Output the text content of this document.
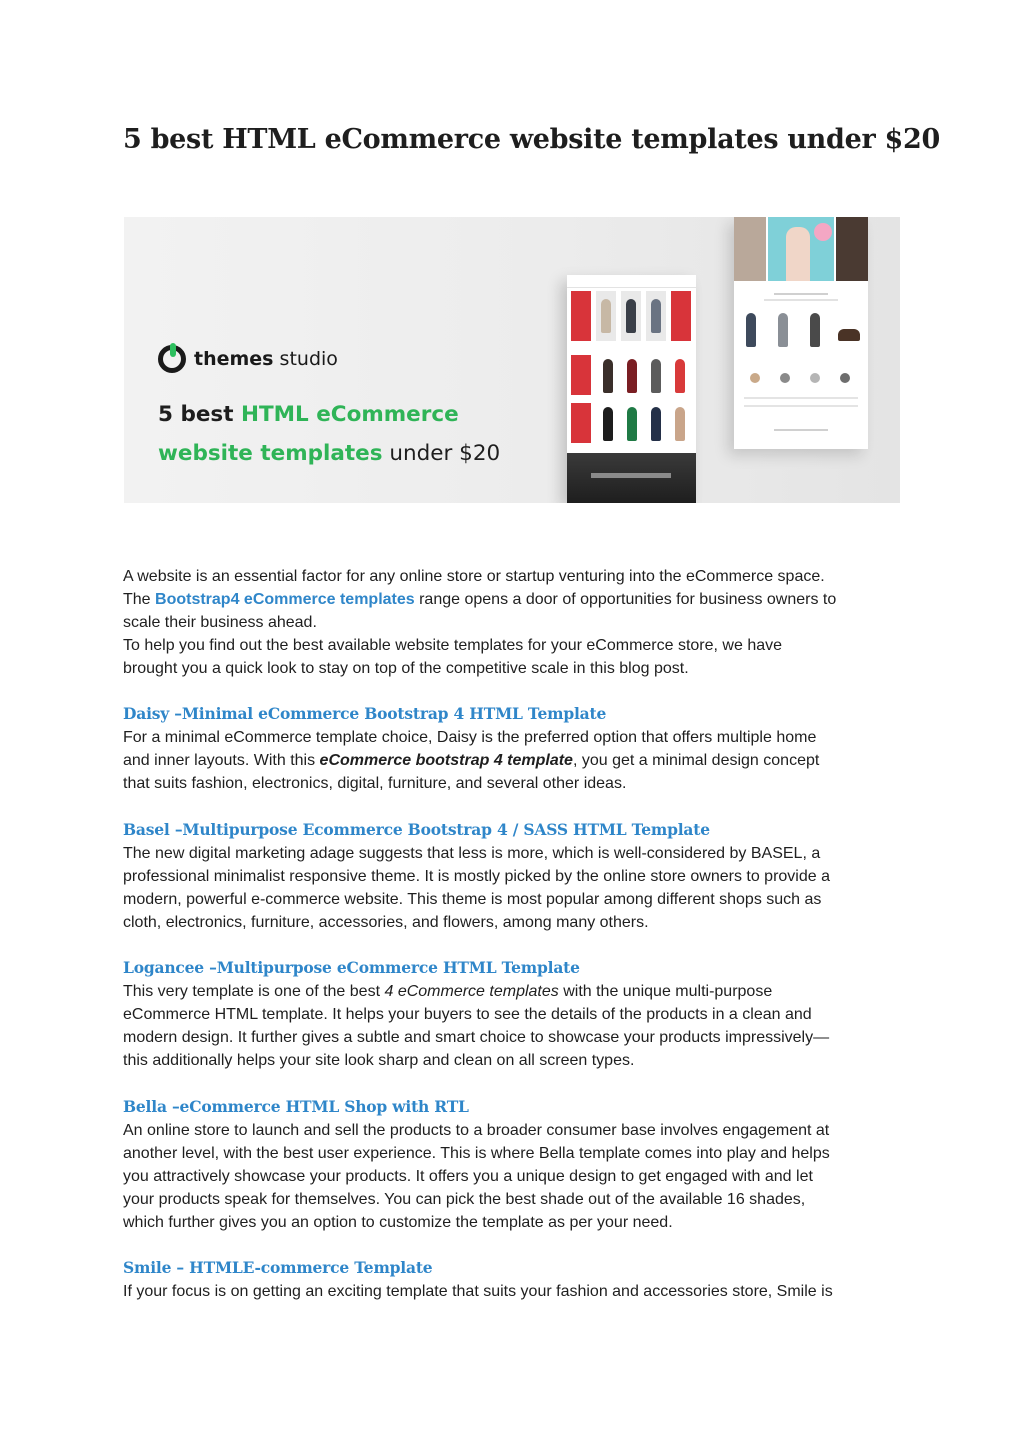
5 best HTML eCommerce website templates under $20
themes studio
5 best HTML eCommerce
website templates under $20

A website is an essential factor for any online store or startup venturing into the eCommerce space.
The Bootstrap4 eCommerce templates range opens a door of opportunities for business owners to
scale their business ahead.
To help you find out the best available website templates for your eCommerce store, we have
brought you a quick look to stay on top of the competitive scale in this blog post.

Daisy –Minimal eCommerce Bootstrap 4 HTML Template

For a minimal eCommerce template choice, Daisy is the preferred option that offers multiple home
and inner layouts. With this eCommerce bootstrap 4 template, you get a minimal design concept
that suits fashion, electronics, digital, furniture, and several other ideas.

Basel –Multipurpose Ecommerce Bootstrap 4 / SASS HTML Template

The new digital marketing adage suggests that less is more, which is well-considered by BASEL, a
professional minimalist responsive theme. It is mostly picked by the online store owners to provide a
modern, powerful e-commerce website. This theme is most popular among different shops such as
cloth, electronics, furniture, accessories, and flowers, among many others.

Logancee –Multipurpose eCommerce HTML Template

This very template is one of the best 4 eCommerce templates with the unique multi-purpose
eCommerce HTML template. It helps your buyers to see the details of the products in a clean and
modern design. It further gives a subtle and smart choice to showcase your products impressively—
this additionally helps your site look sharp and clean on all screen types.

Bella –eCommerce HTML Shop with RTL

An online store to launch and sell the products to a broader consumer base involves engagement at
another level, with the best user experience. This is where Bella template comes into play and helps
you attractively showcase your products. It offers you a unique design to get engaged with and let
your products speak for themselves. You can pick the best shade out of the available 16 shades,
which further gives you an option to customize the template as per your need.

Smile – HTMLE-commerce Template

If your focus is on getting an exciting template that suits your fashion and accessories store, Smile is
